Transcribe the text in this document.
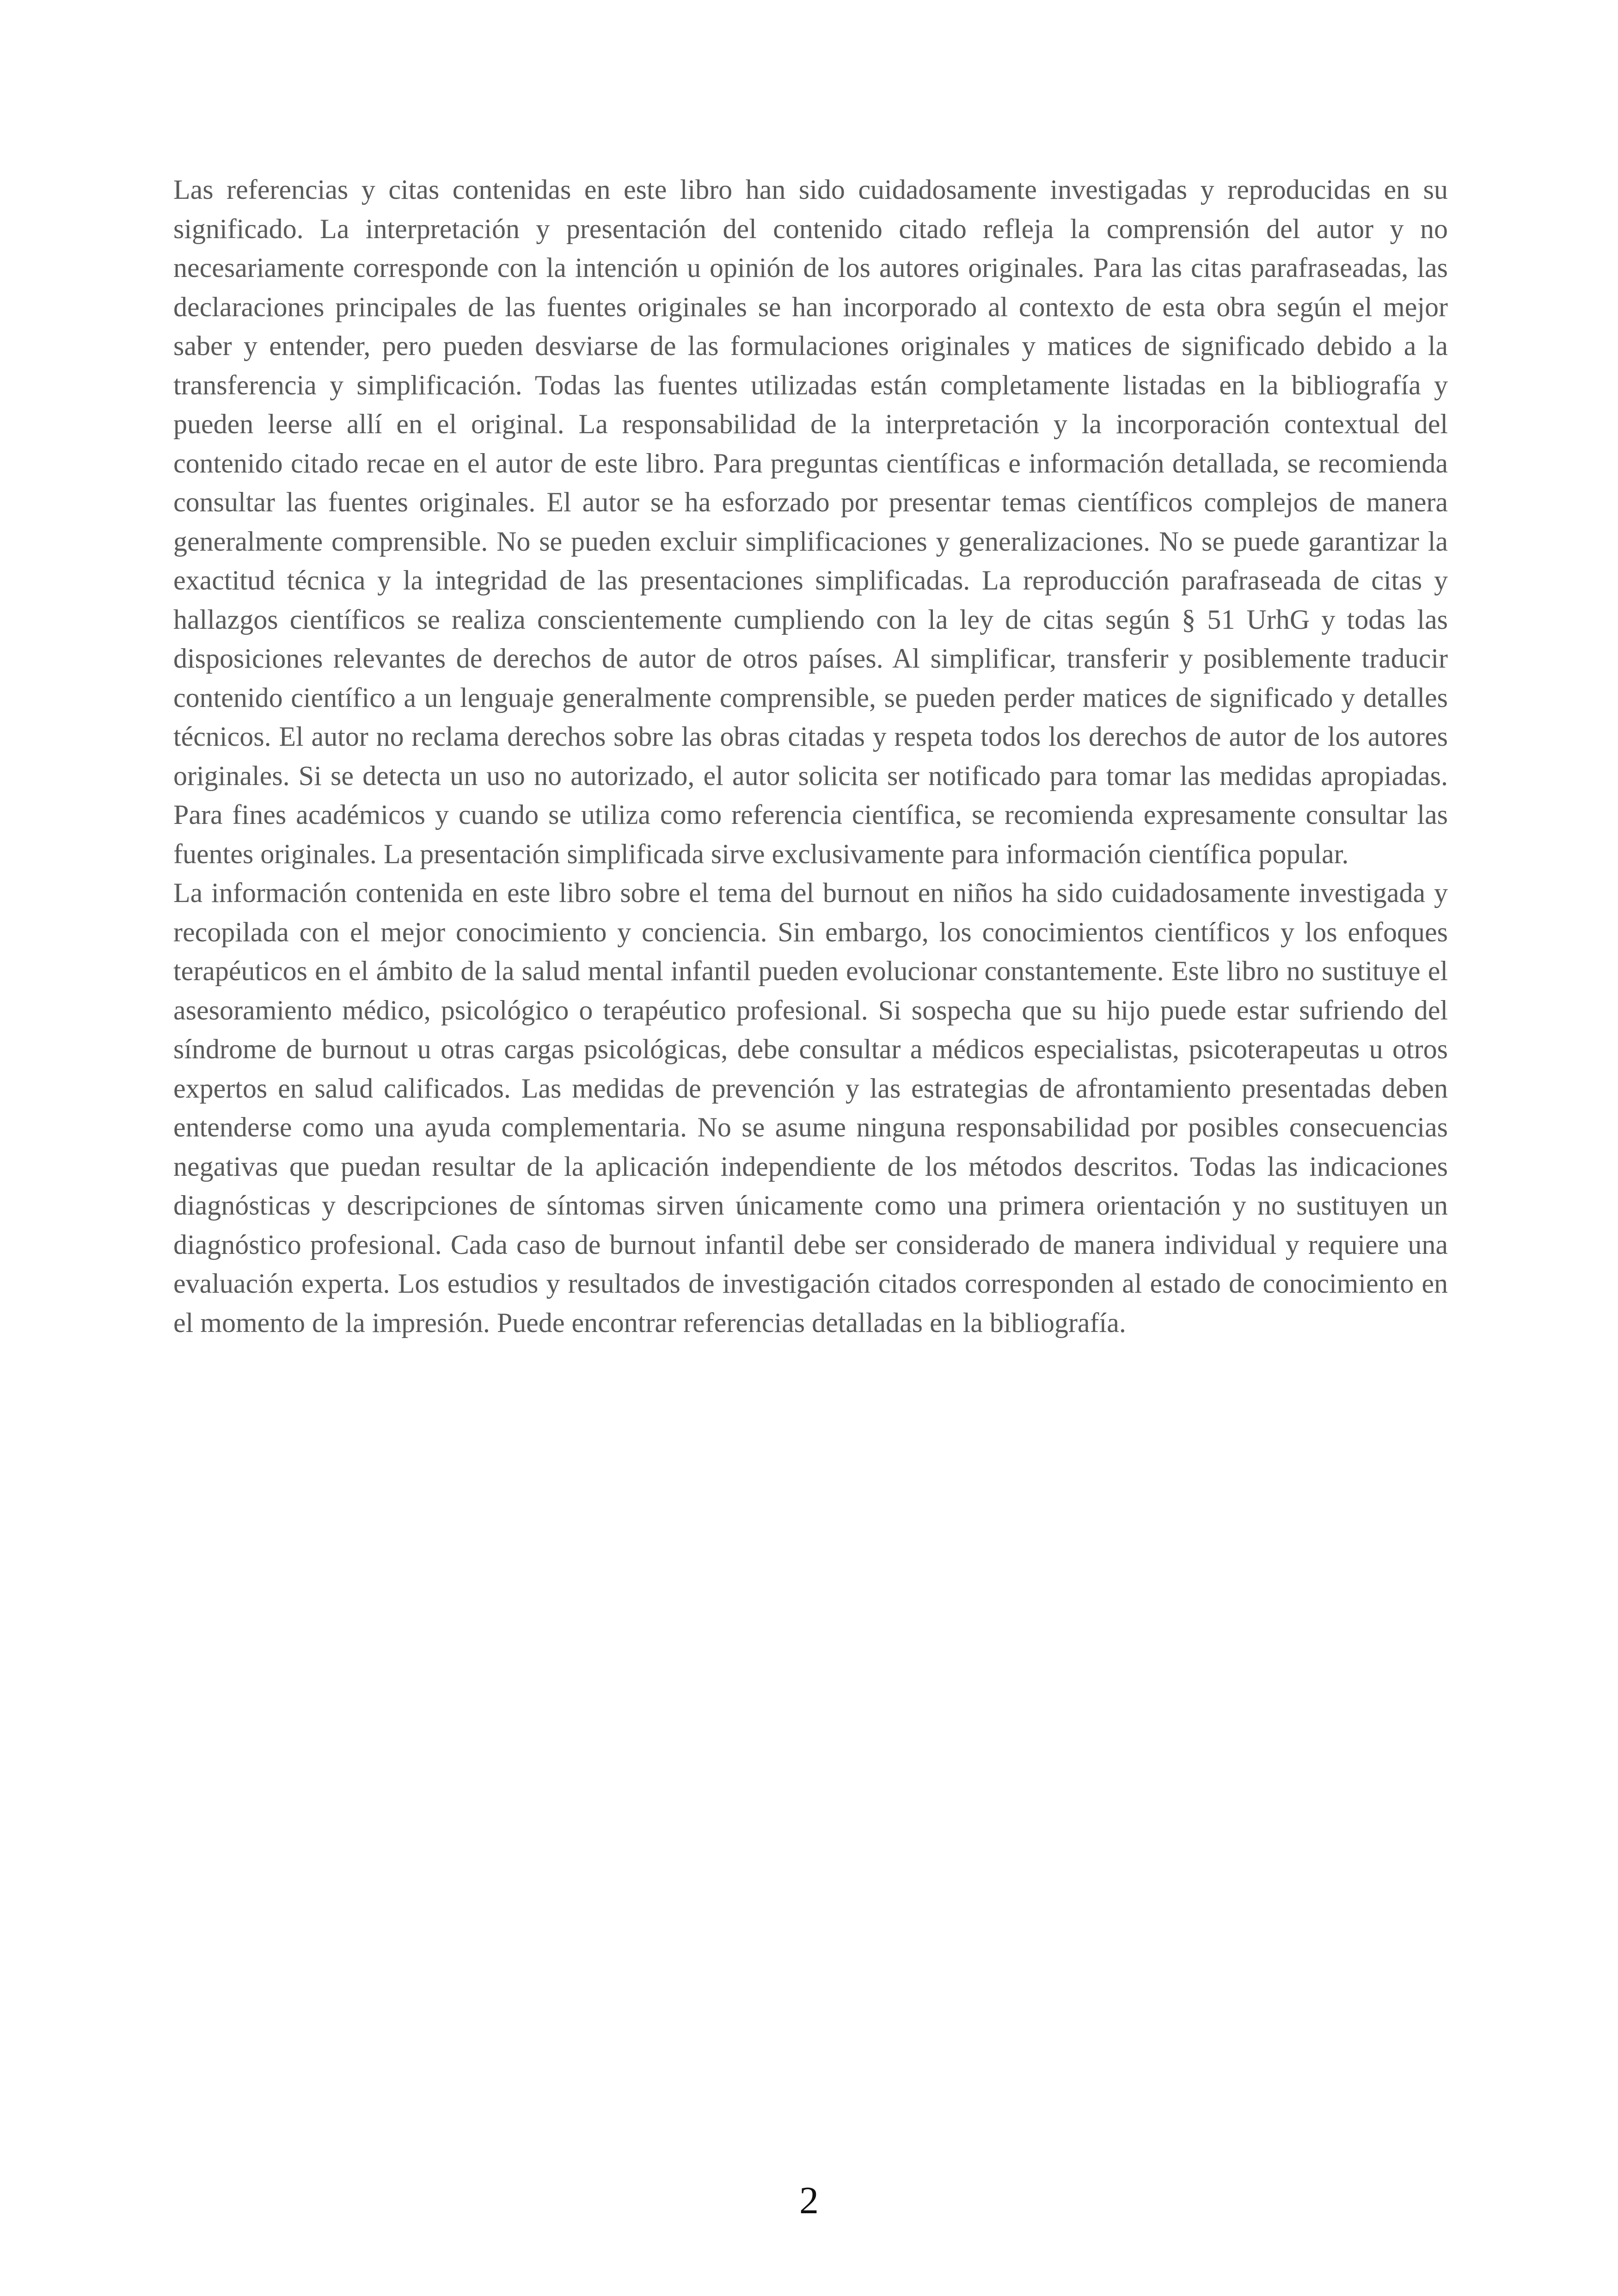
Las referencias y citas contenidas en este libro han sido cuidadosamente investigadas y reproducidas en su significado. La interpretación y presentación del contenido citado refleja la comprensión del autor y no necesariamente corresponde con la intención u opinión de los autores originales. Para las citas parafraseadas, las declaraciones principales de las fuentes originales se han incorporado al contexto de esta obra según el mejor saber y entender, pero pueden desviarse de las formulaciones originales y matices de significado debido a la transferencia y simplificación. Todas las fuentes utilizadas están completamente listadas en la bibliografía y pueden leerse allí en el original. La responsabilidad de la interpretación y la incorporación contextual del contenido citado recae en el autor de este libro. Para preguntas científicas e información detallada, se recomienda consultar las fuentes originales. El autor se ha esforzado por presentar temas científicos complejos de manera generalmente comprensible. No se pueden excluir simplificaciones y generalizaciones. No se puede garantizar la exactitud técnica y la integridad de las presentaciones simplificadas. La reproducción parafraseada de citas y hallazgos científicos se realiza conscientemente cumpliendo con la ley de citas según § 51 UrhG y todas las disposiciones relevantes de derechos de autor de otros países. Al simplificar, transferir y posiblemente traducir contenido científico a un lenguaje generalmente comprensible, se pueden perder matices de significado y detalles técnicos. El autor no reclama derechos sobre las obras citadas y respeta todos los derechos de autor de los autores originales. Si se detecta un uso no autorizado, el autor solicita ser notificado para tomar las medidas apropiadas. Para fines académicos y cuando se utiliza como referencia científica, se recomienda expresamente consultar las fuentes originales. La presentación simplificada sirve exclusivamente para información científica popular.

La información contenida en este libro sobre el tema del burnout en niños ha sido cuidadosamente investigada y recopilada con el mejor conocimiento y conciencia. Sin embargo, los conocimientos científicos y los enfoques terapéuticos en el ámbito de la salud mental infantil pueden evolucionar constantemente. Este libro no sustituye el asesoramiento médico, psicológico o terapéutico profesional. Si sospecha que su hijo puede estar sufriendo del síndrome de burnout u otras cargas psicológicas, debe consultar a médicos especialistas, psicoterapeutas u otros expertos en salud calificados. Las medidas de prevención y las estrategias de afrontamiento presentadas deben entenderse como una ayuda complementaria. No se asume ninguna responsabilidad por posibles consecuencias negativas que puedan resultar de la aplicación independiente de los métodos descritos. Todas las indicaciones diagnósticas y descripciones de síntomas sirven únicamente como una primera orientación y no sustituyen un diagnóstico profesional. Cada caso de burnout infantil debe ser considerado de manera individual y requiere una evaluación experta. Los estudios y resultados de investigación citados corresponden al estado de conocimiento en el momento de la impresión. Puede encontrar referencias detalladas en la bibliografía.

2
